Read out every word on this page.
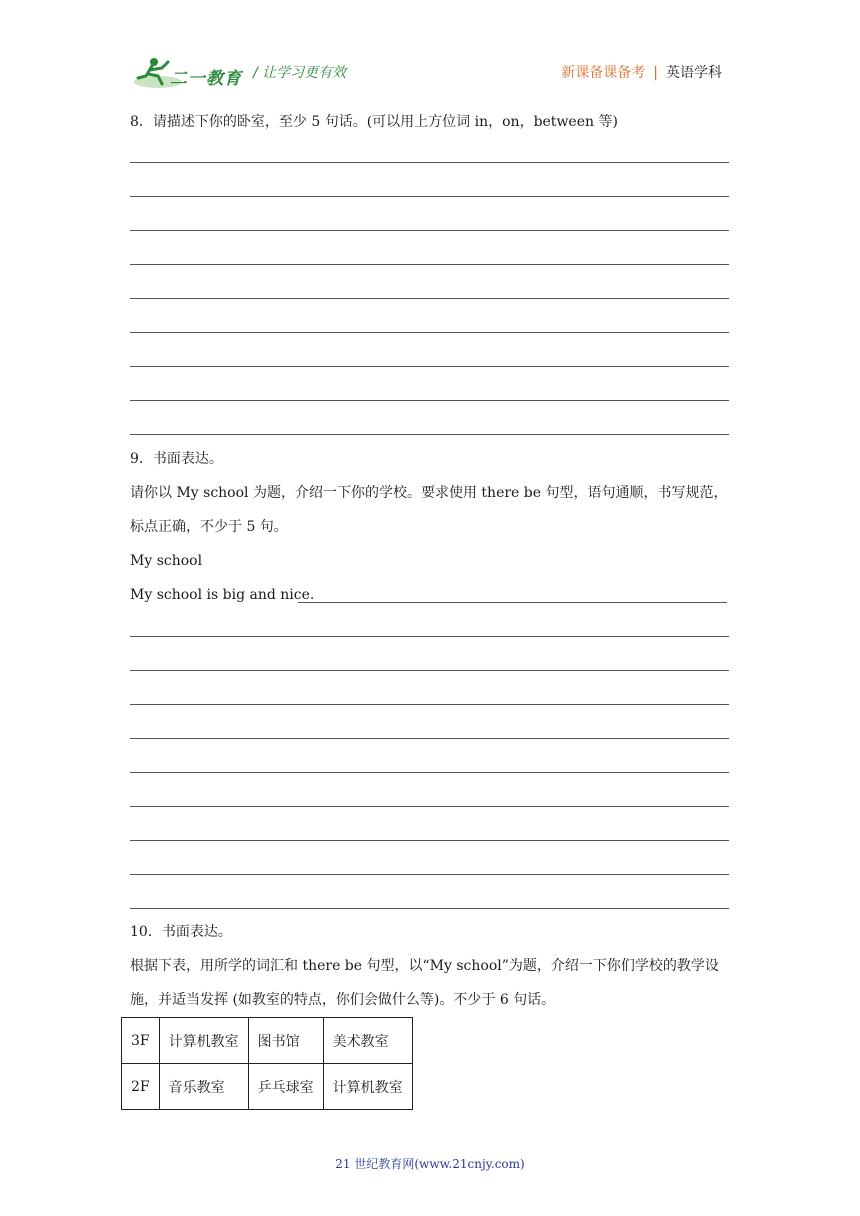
二一教育 / 让学习更有效	新课备课备考 | 英语学科
8．请描述下你的卧室，至少 5 句话。(可以用上方位词 in，on，between 等)
9．书面表达。
请你以 My school 为题，介绍一下你的学校。要求使用 there be 句型，语句通顺，书写规范，
标点正确，不少于 5 句。
My school
My school is big and nice.
10．书面表达。
根据下表，用所学的词汇和 there be 句型，以“My school”为题，介绍一下你们学校的教学设
施，并适当发挥 (如教室的特点，你们会做什么等)。不少于 6 句话。
3F	计算机教室	图书馆	美术教室
2F	音乐教室	乒乓球室	计算机教室
21 世纪教育网(www.21cnjy.com)
